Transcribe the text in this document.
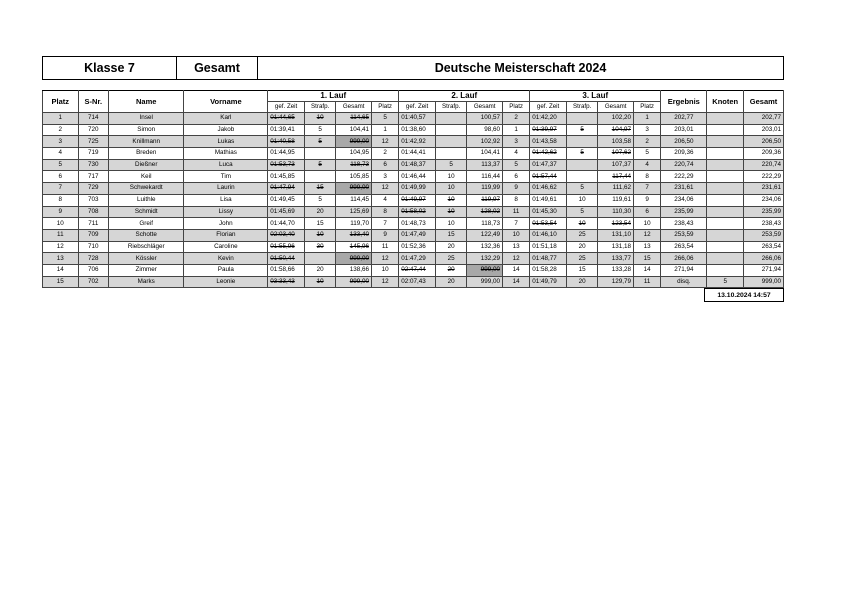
Klasse 7	Gesamt	Deutsche Meisterschaft 2024
Platz	S-Nr.	Name	Vorname	1. Lauf				2. Lauf				3. Lauf				Ergebnis	Knoten	Gesamt
				gef. Zeit	Strafp.	Gesamt	Platz	gef. Zeit	Strafp.	Gesamt	Platz	gef. Zeit	Strafp.	Gesamt	Platz			
1	714	Insel	Karl	01:44,65	10	114,65	5	01:40,57		100,57	2	01:42,20		102,20	1	202,77		202,77
2	720	Simon	Jakob	01:39,41	5	104,41	1	01:38,60		98,60	1	01:39,97	5	104,97	3	203,01		203,01
3	725	Knillmann	Lukas	01:40,58	5	999,00	12	01:42,92		102,92	3	01:43,58		103,58	2	206,50		206,50
4	719	Breden	Mathias	01:44,95		104,95	2	01:44,41		104,41	4	01:42,62	5	107,62	5	209,36		209,36
5	730	Dießner	Luca	01:53,73	5	118,73	6	01:48,37	5	113,37	5	01:47,37		107,37	4	220,74		220,74
6	717	Keil	Tim	01:45,85		105,85	3	01:46,44	10	116,44	6	01:57,44		117,44	8	222,29		222,29
7	729	Schwekardt	Laurin	01:47,94	15	999,00	12	01:49,99	10	119,99	9	01:46,62	5	111,62	7	231,61		231,61
8	703	Luithle	Lisa	01:49,45	5	114,45	4	01:49,97	10	119,97	8	01:49,61	10	119,61	9	234,06		234,06
9	708	Schmidt	Lissy	01:45,69	20	125,69	8	01:58,02	10	128,02	11	01:45,30	5	110,30	6	235,99		235,99
10	711	Greif	John	01:44,70	15	119,70	7	01:48,73	10	118,73	7	01:53,54	10	123,54	10	238,43		238,43
11	709	Schotte	Florian	02:03,40	10	133,40	9	01:47,49	15	122,49	10	01:46,10	25	131,10	12	253,59		253,59
12	710	Riebschläger	Caroline	01:55,96	30	145,96	11	01:52,36	20	132,36	13	01:51,18	20	131,18	13	263,54		263,54
13	728	Kössler	Kevin	01:50,44		999,00	12	01:47,29	25	132,29	12	01:48,77	25	133,77	15	266,06		266,06
14	706	Zimmer	Paula	01:58,66	20	138,66	10	02:47,44	20	999,00	14	01:58,28	15	133,28	14	271,94		271,94
15	702	Marks	Leonie	03:33,43	10	999,00	12	02:07,43	20	999,00	14	01:49,79	20	129,79	11	disq.	5	999,00
13.10.2024 14:57
